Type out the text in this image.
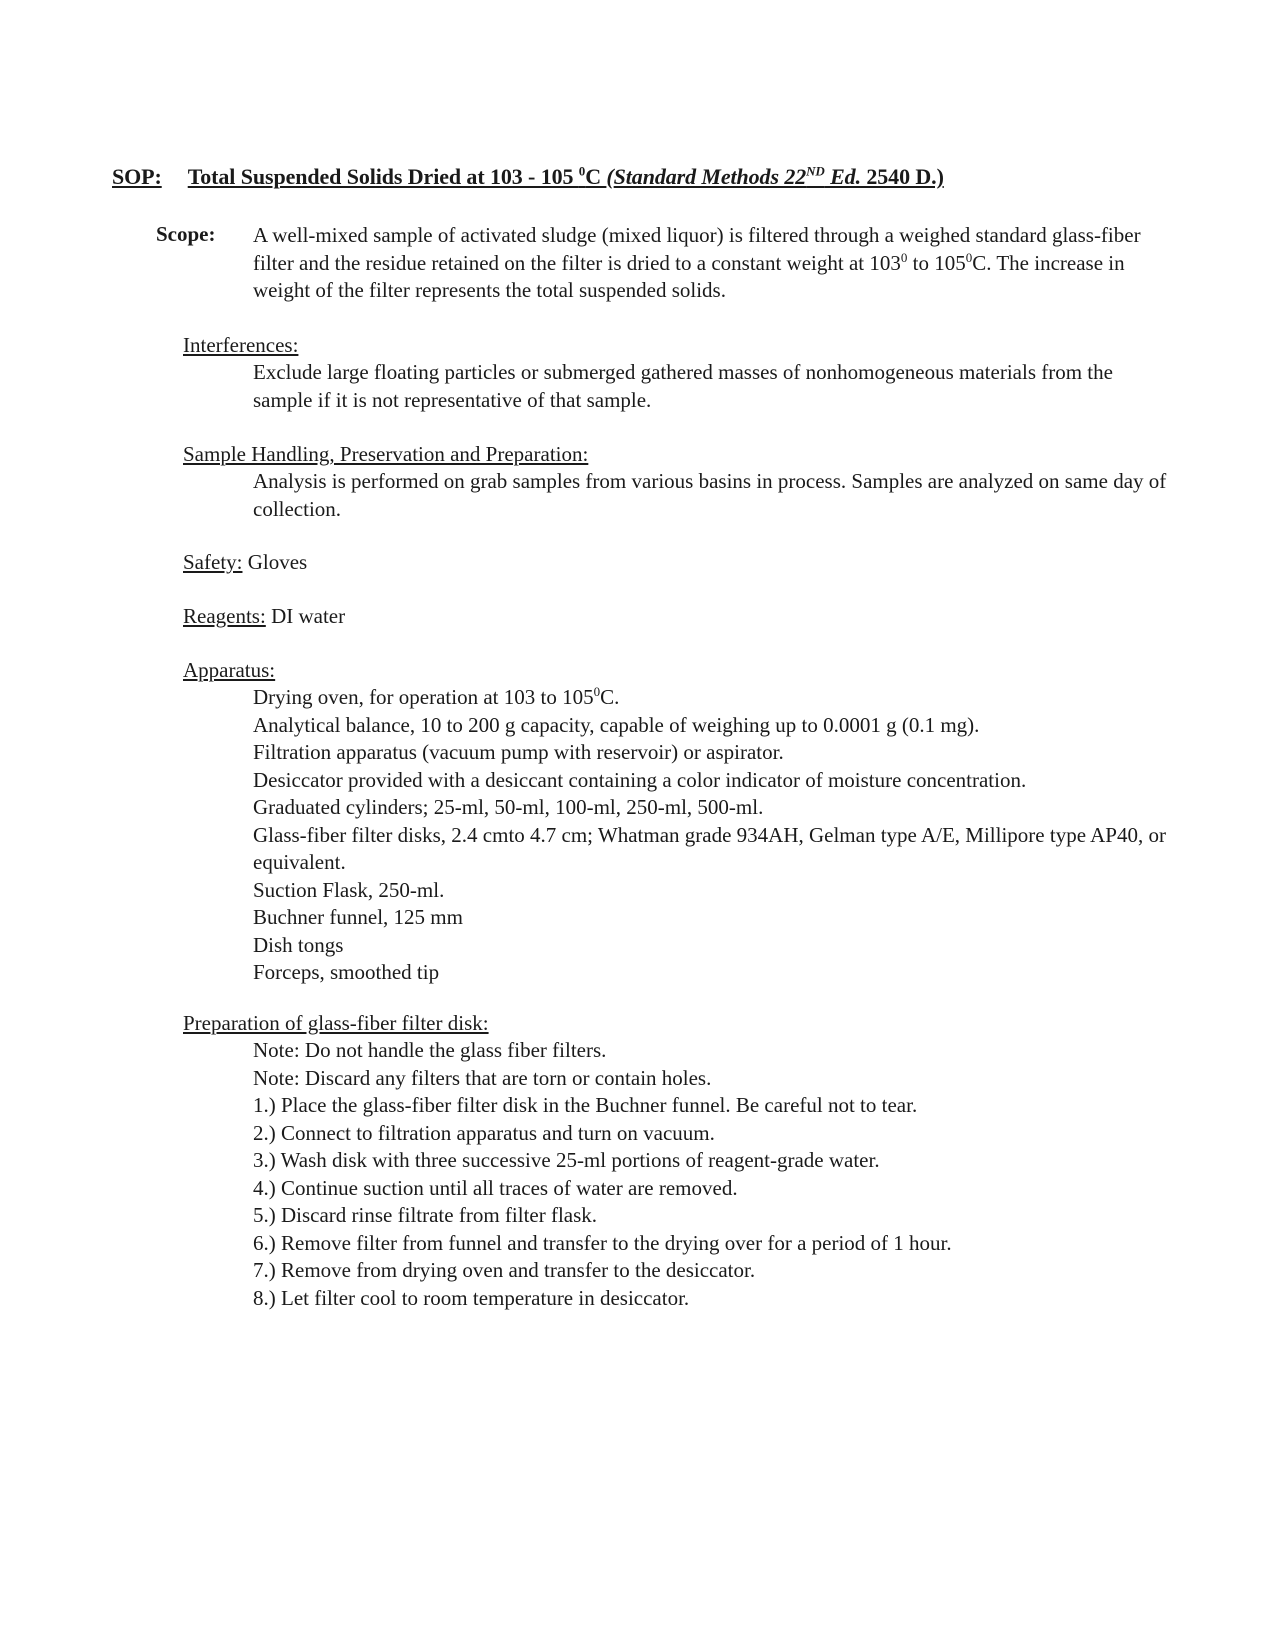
SOP: Total Suspended Solids Dried at 103 - 105 $^0$C (Standard Methods 22ND Ed. 2540 D.)
Scope: A well-mixed sample of activated sludge (mixed liquor) is filtered through a weighed standard glass-fiber filter and the residue retained on the filter is dried to a constant weight at $103^0$ to $105^0C$. The increase in weight of the filter represents the total suspended solids.
Interferences:
Exclude large floating particles or submerged gathered masses of nonhomogeneous materials from the sample if it is not representative of that sample.
Sample Handling, Preservation and Preparation:
Analysis is performed on grab samples from various basins in process. Samples are analyzed on same day of collection.
Safety: Gloves
Reagents: DI water
Apparatus:
Drying oven, for operation at 103 to $105^0C$.
Analytical balance, 10 to 200 g capacity, capable of weighing up to 0.0001 g (0.1 mg).
Filtration apparatus (vacuum pump with reservoir) or aspirator.
Desiccator provided with a desiccant containing a color indicator of moisture concentration.
Graduated cylinders; 25-ml, 50-ml, 100-ml, 250-ml, 500-ml.
Glass-fiber filter disks, 2.4 cmto 4.7 cm; Whatman grade 934AH, Gelman type A/E, Millipore type AP40, or equivalent.
Suction Flask, 250-ml.
Buchner funnel, 125 mm
Dish tongs
Forceps, smoothed tip
Preparation of glass-fiber filter disk:
Note: Do not handle the glass fiber filters.
Note: Discard any filters that are torn or contain holes.
1.) Place the glass-fiber filter disk in the Buchner funnel. Be careful not to tear.
2.) Connect to filtration apparatus and turn on vacuum.
3.) Wash disk with three successive 25-ml portions of reagent-grade water.
4.) Continue suction until all traces of water are removed.
5.) Discard rinse filtrate from filter flask.
6.) Remove filter from funnel and transfer to the drying over for a period of 1 hour.
7.) Remove from drying oven and transfer to the desiccator.
8.) Let filter cool to room temperature in desiccator.
